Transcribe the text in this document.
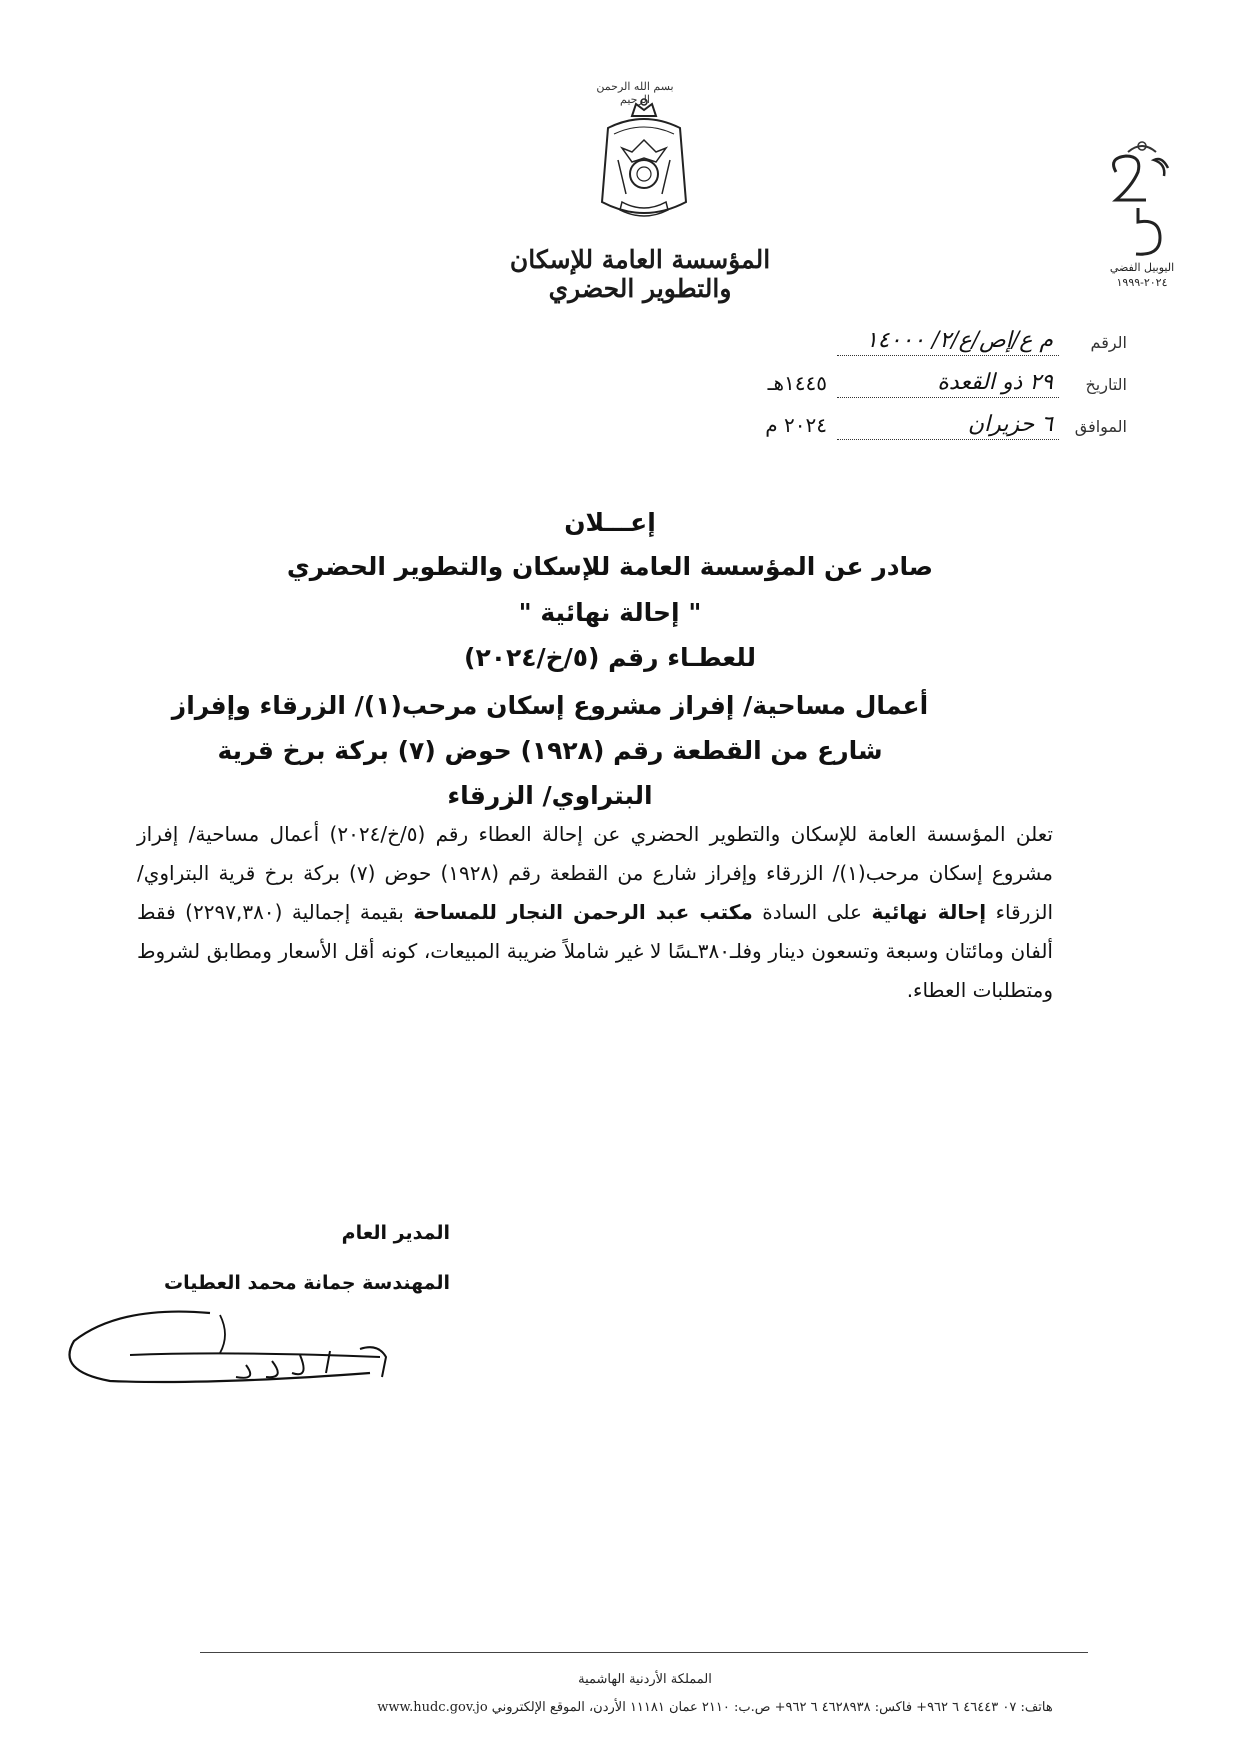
بسم الله الرحمن الرحيم
المؤسسة العامة للإسكان والتطوير الحضري
اليوبيل الفضي
٢٠٢٤-١٩٩٩
الرقم
م ع/إص/ع/٢/ ١٤٠٠٠
التاريخ
٢٩ ذو القعدة
١٤٤٥هـ
الموافق
٦ حزيران
٢٠٢٤ م
إعـــلان
صادر عن المؤسسة العامة للإسكان والتطوير الحضري
" إحالة نهائية "
للعطـاء رقم (٥/خ/٢٠٢٤)
أعمال مساحية/ إفراز مشروع إسكان مرحب(١)/ الزرقاء وإفراز شارع من القطعة رقم (١٩٢٨) حوض (٧) بركة برخ قرية البتراوي/ الزرقاء
تعلن المؤسسة العامة للإسكان والتطوير الحضري عن إحالة العطاء رقم (٥/خ/٢٠٢٤) أعمال مساحية/ إفراز مشروع إسكان مرحب(١)/ الزرقاء وإفراز شارع من القطعة رقم (١٩٢٨) حوض (٧) بركة برخ قرية البتراوي/ الزرقاء إحالة نهائية على السادة مكتب عبد الرحمن النجار للمساحة بقيمة إجمالية (٢٢٩٧,٣٨٠) فقط ألفان ومائتان وسبعة وتسعون دينار وفلـ٣٨٠ـسًا لا غير شاملاً ضريبة المبيعات، كونه أقل الأسعار ومطابق لشروط ومتطلبات العطاء.
المدير العام
المهندسة جمانة محمد العطيات
المملكة الأردنية الهاشمية
هاتف: ٠٧ ٤٦٤٤٣ ٦ ٩٦٢+ فاكس: ٤٦٢٨٩٣٨ ٦ ٩٦٢+ ص.ب: ٢١١٠ عمان ١١١٨١ الأردن، الموقع الإلكتروني www.hudc.gov.jo
